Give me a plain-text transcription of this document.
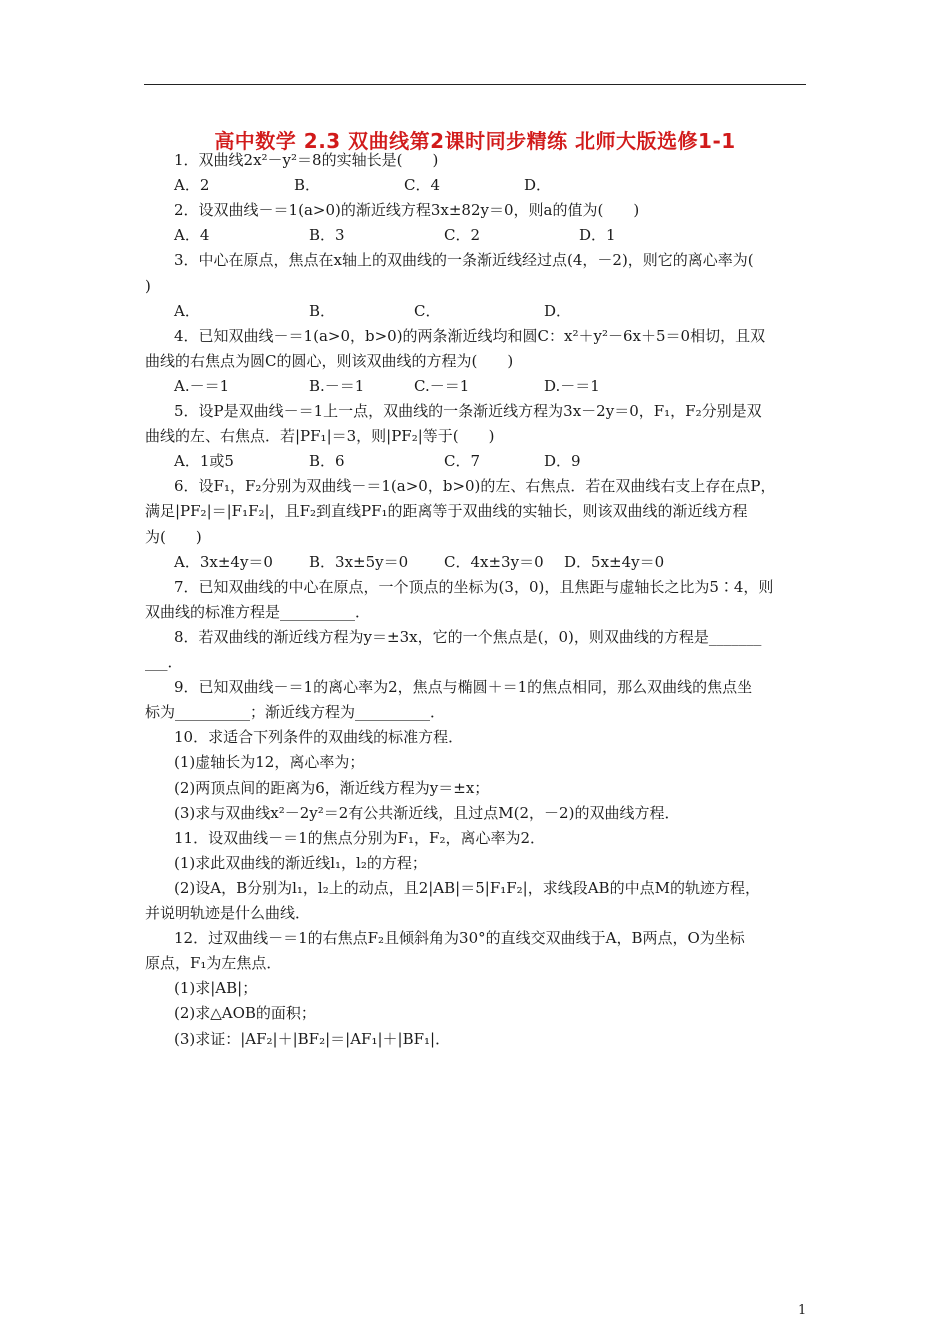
高中数学 2.3 双曲线第2课时同步精练 北师大版选修1-1
1．双曲线2x²－y²＝8的实轴长是(　　)
A．2	B．	C．4	D．
2．设双曲线－＝1(a>0)的渐近线方程3x±82y＝0，则a的值为(　　)
A．4	B．3	C．2	D．1
3．中心在原点，焦点在x轴上的双曲线的一条渐近线经过点(4，－2)，则它的离心率为(
)
A．	B．	C．	D．
4．已知双曲线－＝1(a>0，b>0)的两条渐近线均和圆C：x²＋y²－6x＋5＝0相切，且双
曲线的右焦点为圆C的圆心，则该双曲线的方程为(　　)
A.－＝1	B.－＝1	C.－＝1	D.－＝1
5．设P是双曲线－＝1上一点，双曲线的一条渐近线方程为3x－2y＝0，F₁，F₂分别是双
曲线的左、右焦点．若|PF₁|＝3，则|PF₂|等于(　　)
A．1或5	B．6	C．7	D．9
6．设F₁，F₂分别为双曲线－＝1(a>0，b>0)的左、右焦点．若在双曲线右支上存在点P，
满足|PF₂|＝|F₁F₂|，且F₂到直线PF₁的距离等于双曲线的实轴长，则该双曲线的渐近线方程
为(　　)
A．3x±4y＝0 B．3x±5y＝0 C．4x±3y＝0 D．5x±4y＝0
7．已知双曲线的中心在原点，一个顶点的坐标为(3，0)，且焦距与虚轴长之比为5∶4，则
双曲线的标准方程是__________．
8．若双曲线的渐近线方程为y＝±3x，它的一个焦点是(，0)，则双曲线的方程是_______
___．
9．已知双曲线－＝1的离心率为2，焦点与椭圆＋＝1的焦点相同，那么双曲线的焦点坐
标为__________；渐近线方程为__________．
10．求适合下列条件的双曲线的标准方程．
(1)虚轴长为12，离心率为；
(2)两顶点间的距离为6，渐近线方程为y＝±x；
(3)求与双曲线x²－2y²＝2有公共渐近线，且过点M(2，－2)的双曲线方程．
11．设双曲线－＝1的焦点分别为F₁，F₂，离心率为2．
(1)求此双曲线的渐近线l₁，l₂的方程；
(2)设A，B分别为l₁，l₂上的动点，且2|AB|＝5|F₁F₂|，求线段AB的中点M的轨迹方程，
并说明轨迹是什么曲线．
12．过双曲线－＝1的右焦点F₂且倾斜角为30°的直线交双曲线于A，B两点，O为坐标
原点，F₁为左焦点．
(1)求|AB|；
(2)求△AOB的面积；
(3)求证：|AF₂|＋|BF₂|＝|AF₁|＋|BF₁|．
1
